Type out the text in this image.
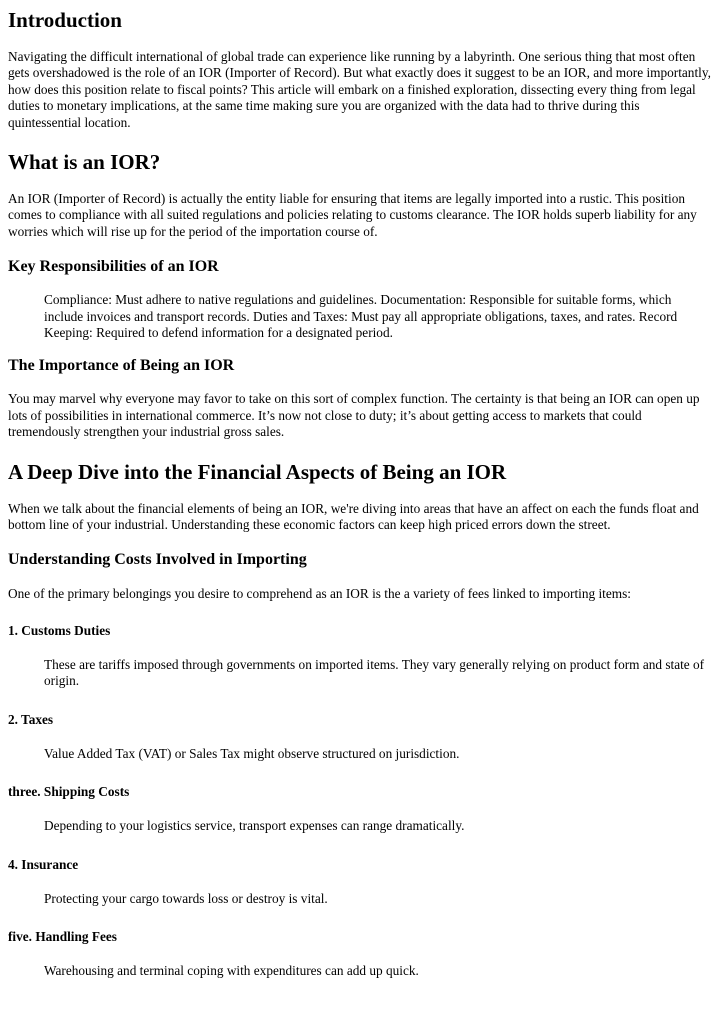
Introduction

Navigating the difficult international of global trade can experience like running by a labyrinth. One serious thing that most often gets overshadowed is the role of an IOR (Importer of Record). But what exactly does it suggest to be an IOR, and more importantly, how does this position relate to fiscal points? This article will embark on a finished exploration, dissecting every thing from legal duties to monetary implications, at the same time making sure you are organized with the data had to thrive during this quintessential location.

What is an IOR?

An IOR (Importer of Record) is actually the entity liable for ensuring that items are legally imported into a rustic. This position comes to compliance with all suited regulations and policies relating to customs clearance. The IOR holds superb liability for any worries which will rise up for the period of the importation course of.

Key Responsibilities of an IOR
Compliance: Must adhere to native regulations and guidelines. Documentation: Responsible for suitable forms, which include invoices and transport records. Duties and Taxes: Must pay all appropriate obligations, taxes, and rates. Record Keeping: Required to defend information for a designated period.
The Importance of Being an IOR

You may marvel why everyone may favor to take on this sort of complex function. The certainty is that being an IOR can open up lots of possibilities in international commerce. It’s now not close to duty; it’s about getting access to markets that could tremendously strengthen your industrial gross sales.

A Deep Dive into the Financial Aspects of Being an IOR

When we talk about the financial elements of being an IOR, we're diving into areas that have an affect on each the funds float and bottom line of your industrial. Understanding these economic factors can keep high priced errors down the street.

Understanding Costs Involved in Importing

One of the primary belongings you desire to comprehend as an IOR is the a variety of fees linked to importing items:

1. Customs Duties
These are tariffs imposed through governments on imported items. They vary generally relying on product form and state of origin.
2. Taxes
Value Added Tax (VAT) or Sales Tax might observe structured on jurisdiction.
three. Shipping Costs
Depending to your logistics service, transport expenses can range dramatically.
4. Insurance
Protecting your cargo towards loss or destroy is vital.
five. Handling Fees
Warehousing and terminal coping with expenditures can add up quick.
